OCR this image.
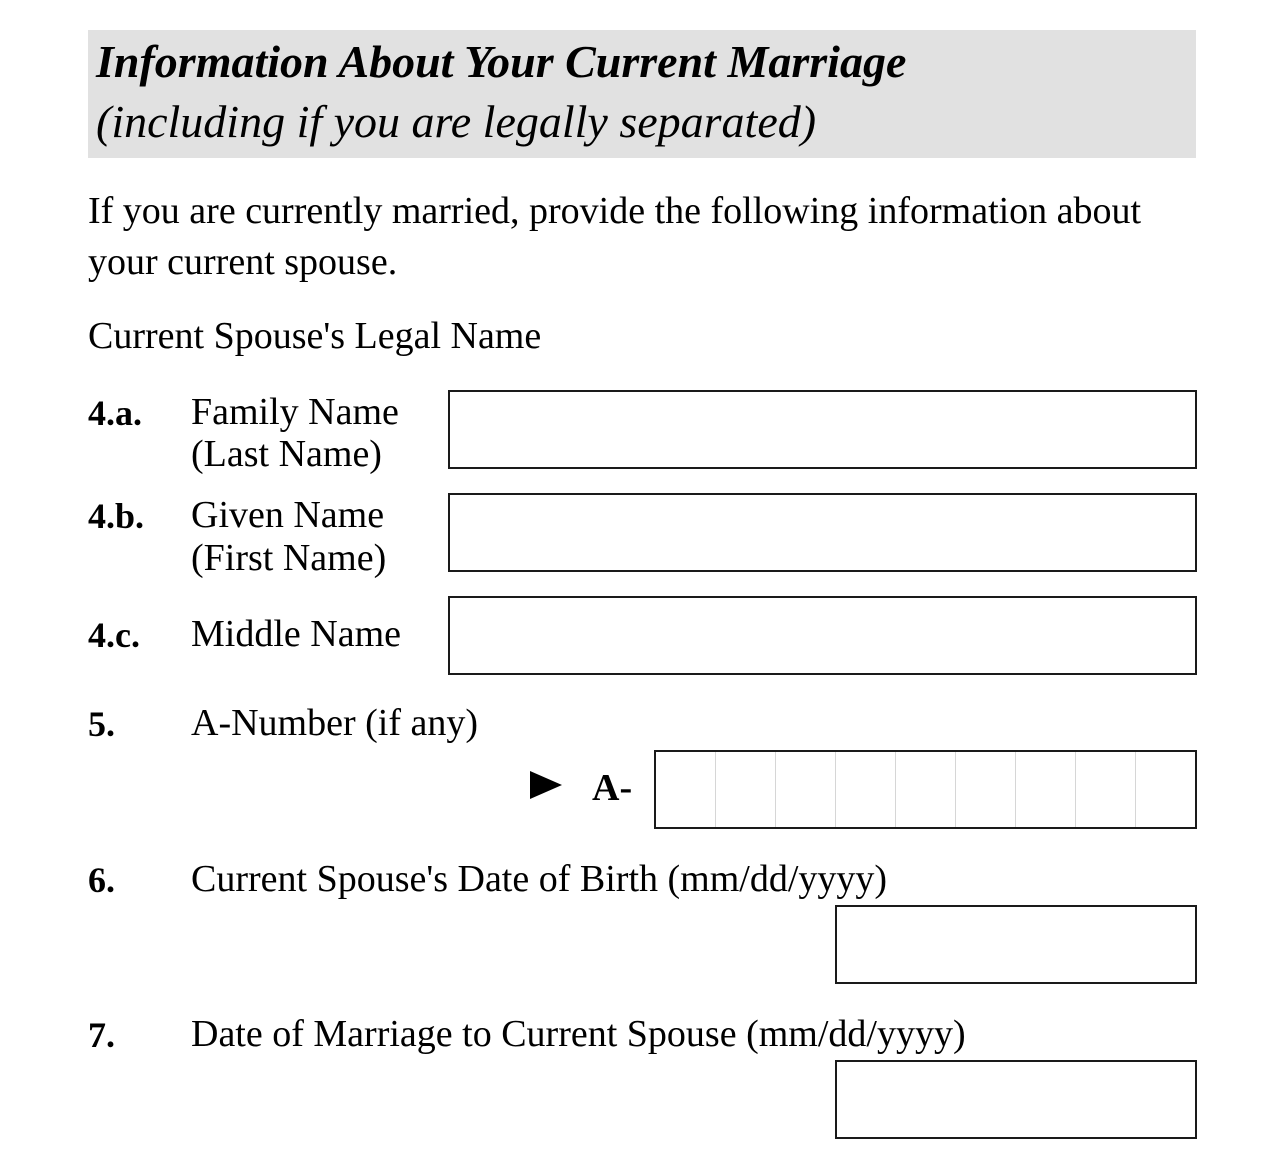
Information About Your Current Marriage
(including if you are legally separated)
If you are currently married, provide the following information about your current spouse.
Current Spouse's Legal Name
4.a. Family Name
(Last Name)
4.b. Given Name
(First Name)
4.c. Middle Name
5. A-Number (if any)
A-
6. Current Spouse's Date of Birth (mm/dd/yyyy)
7. Date of Marriage to Current Spouse (mm/dd/yyyy)
